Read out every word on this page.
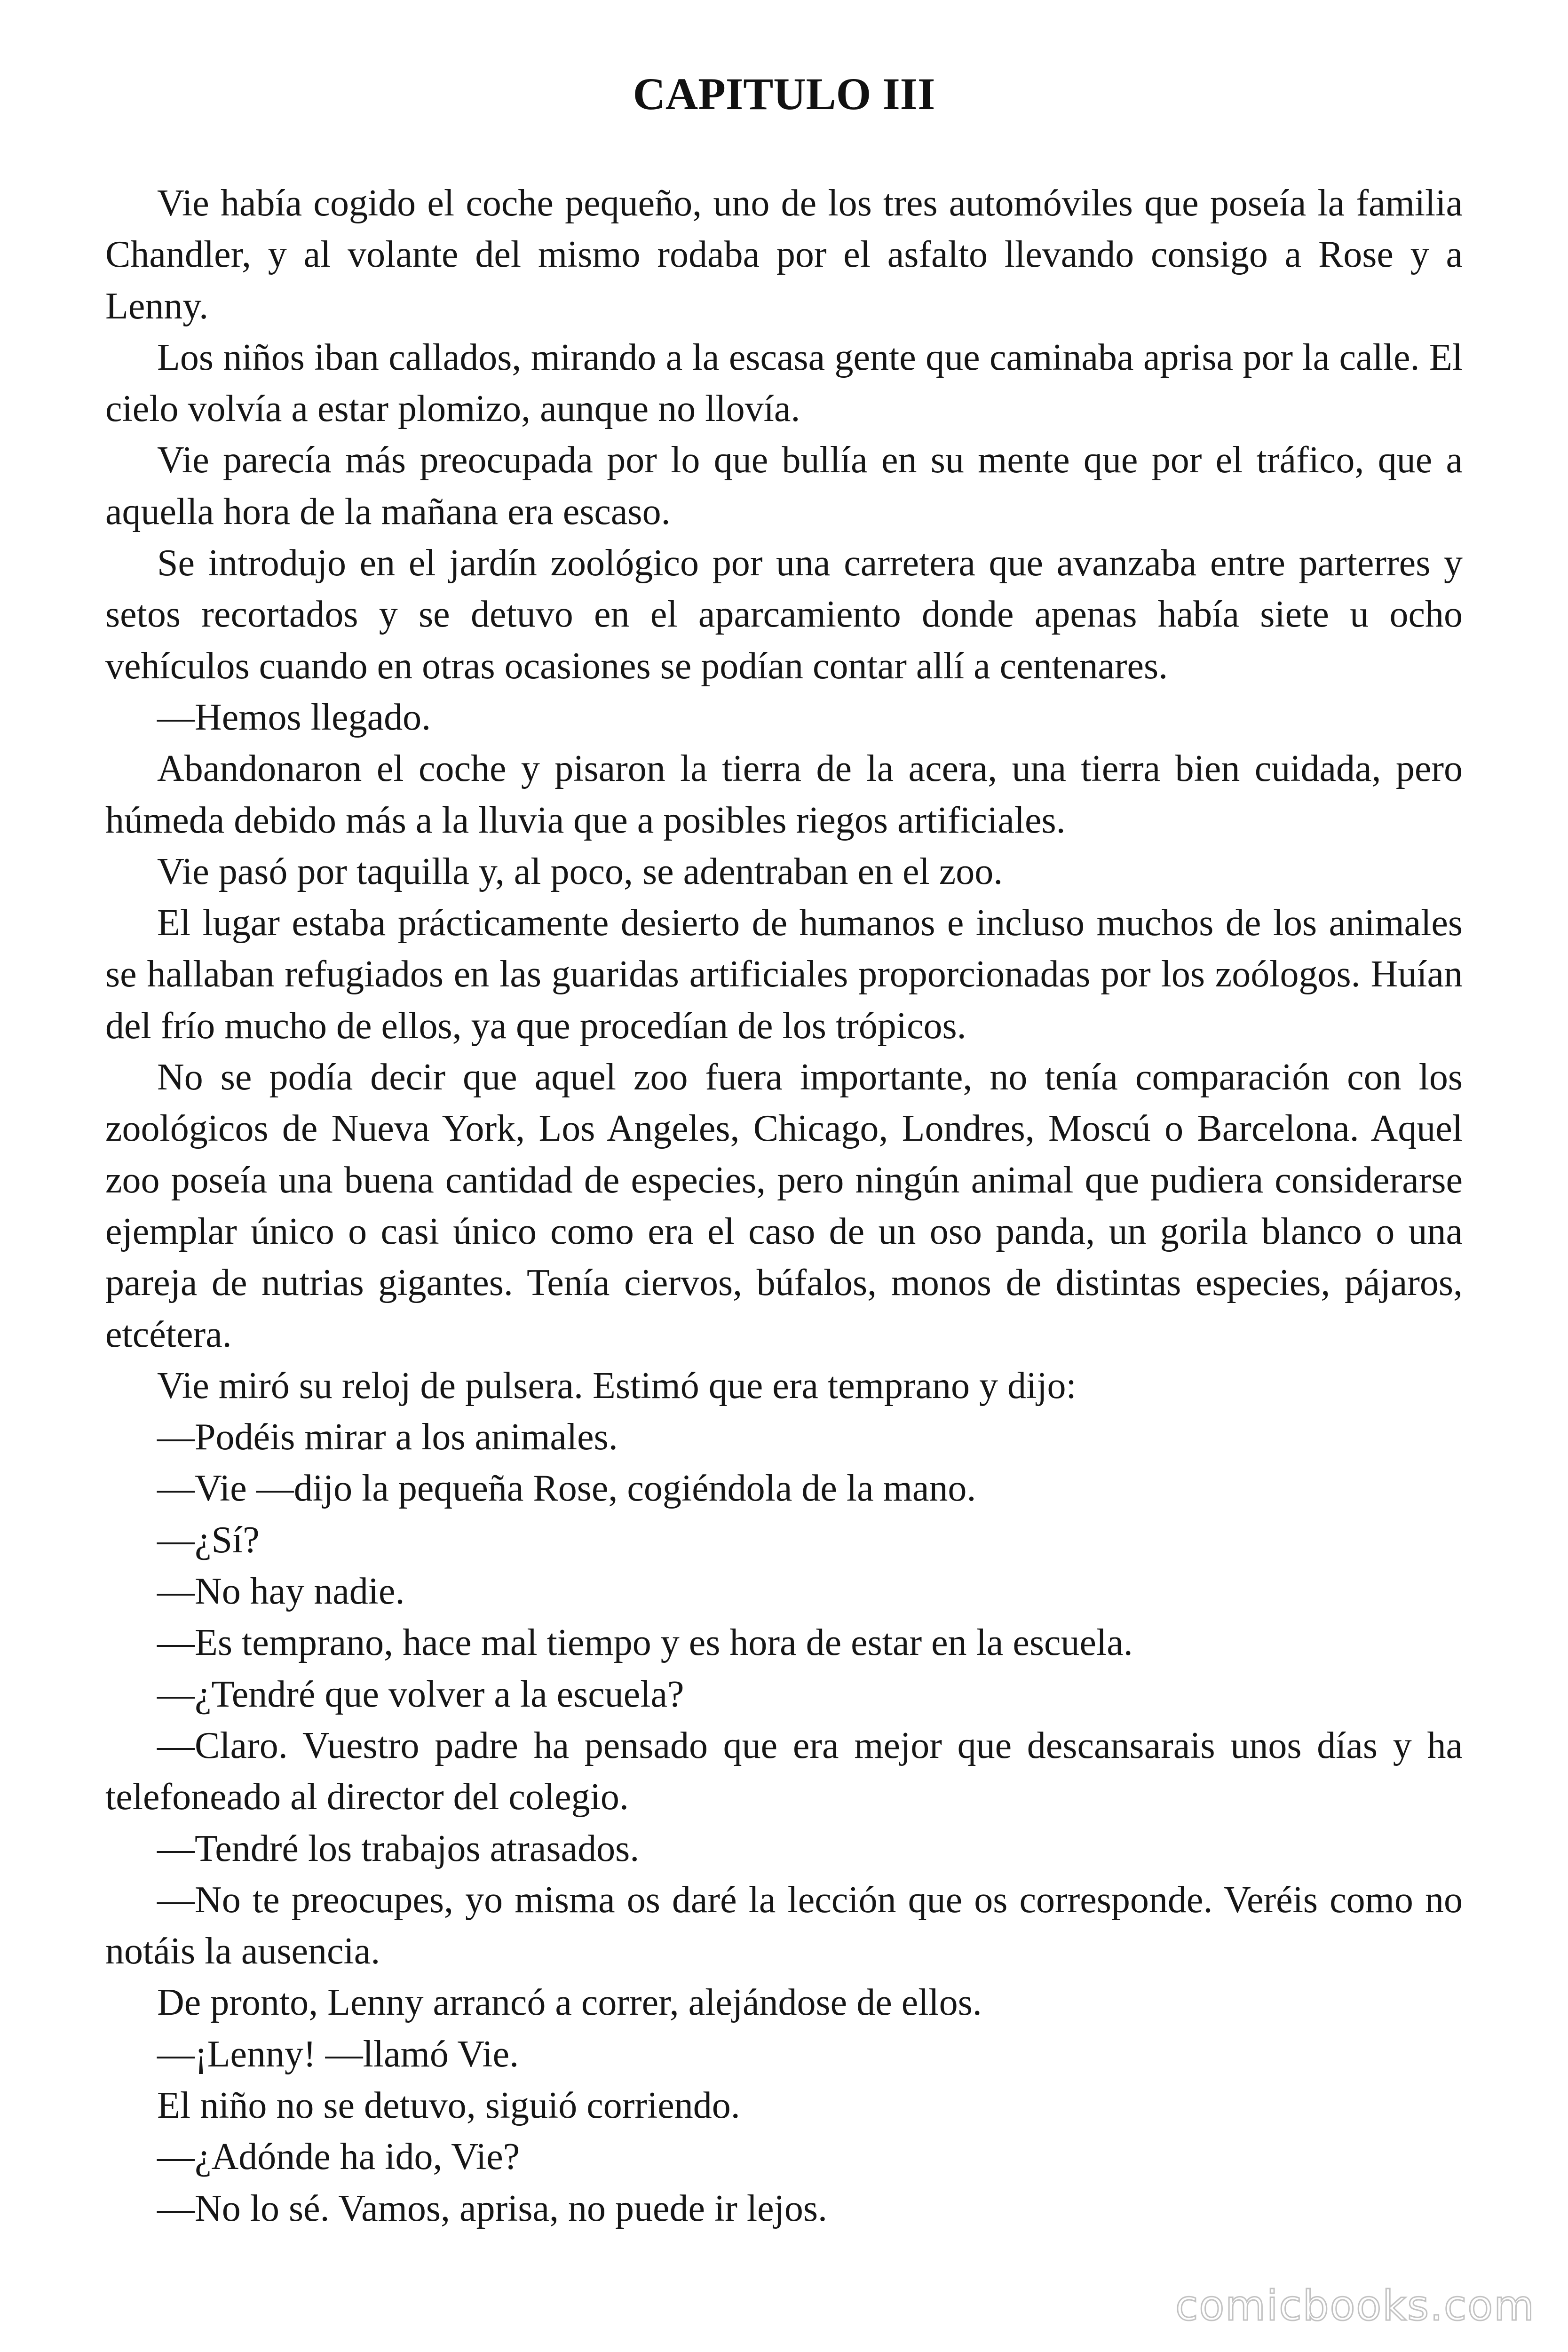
CAPITULO III

Vie había cogido el coche pequeño, uno de los tres automóviles que poseía la familia Chandler, y al volante del mismo rodaba por el asfalto llevando consigo a Rose y a Lenny.

Los niños iban callados, mirando a la escasa gente que caminaba aprisa por la calle. El cielo volvía a estar plomizo, aunque no llovía.

Vie parecía más preocupada por lo que bullía en su mente que por el tráfico, que a aquella hora de la mañana era escaso.

Se introdujo en el jardín zoológico por una carretera que avanzaba entre parterres y setos recortados y se detuvo en el aparcamiento donde apenas había siete u ocho vehículos cuando en otras ocasiones se podían contar allí a centenares.

—Hemos llegado.

Abandonaron el coche y pisaron la tierra de la acera, una tierra bien cuidada, pero húmeda debido más a la lluvia que a posibles riegos artificiales.

Vie pasó por taquilla y, al poco, se adentraban en el zoo.

El lugar estaba prácticamente desierto de humanos e incluso muchos de los animales se hallaban refugiados en las guaridas artificiales proporcionadas por los zoólogos. Huían del frío mucho de ellos, ya que procedían de los trópicos.

No se podía decir que aquel zoo fuera importante, no tenía comparación con los zoológicos de Nueva York, Los Angeles, Chicago, Londres, Moscú o Barcelona. Aquel zoo poseía una buena cantidad de especies, pero ningún animal que pudiera considerarse ejemplar único o casi único como era el caso de un oso panda, un gorila blanco o una pareja de nutrias gigantes. Tenía ciervos, búfalos, monos de distintas especies, pájaros, etcétera.

Vie miró su reloj de pulsera. Estimó que era temprano y dijo:

—Podéis mirar a los animales.

—Vie —dijo la pequeña Rose, cogiéndola de la mano.

—¿Sí?

—No hay nadie.

—Es temprano, hace mal tiempo y es hora de estar en la escuela.

—¿Tendré que volver a la escuela?

—Claro. Vuestro padre ha pensado que era mejor que descansarais unos días y ha telefoneado al director del colegio.

—Tendré los trabajos atrasados.

—No te preocupes, yo misma os daré la lección que os corresponde. Veréis como no notáis la ausencia.

De pronto, Lenny arrancó a correr, alejándose de ellos.

—¡Lenny! —llamó Vie.

El niño no se detuvo, siguió corriendo.

—¿Adónde ha ido, Vie?

—No lo sé. Vamos, aprisa, no puede ir lejos.

comicbooks.com
